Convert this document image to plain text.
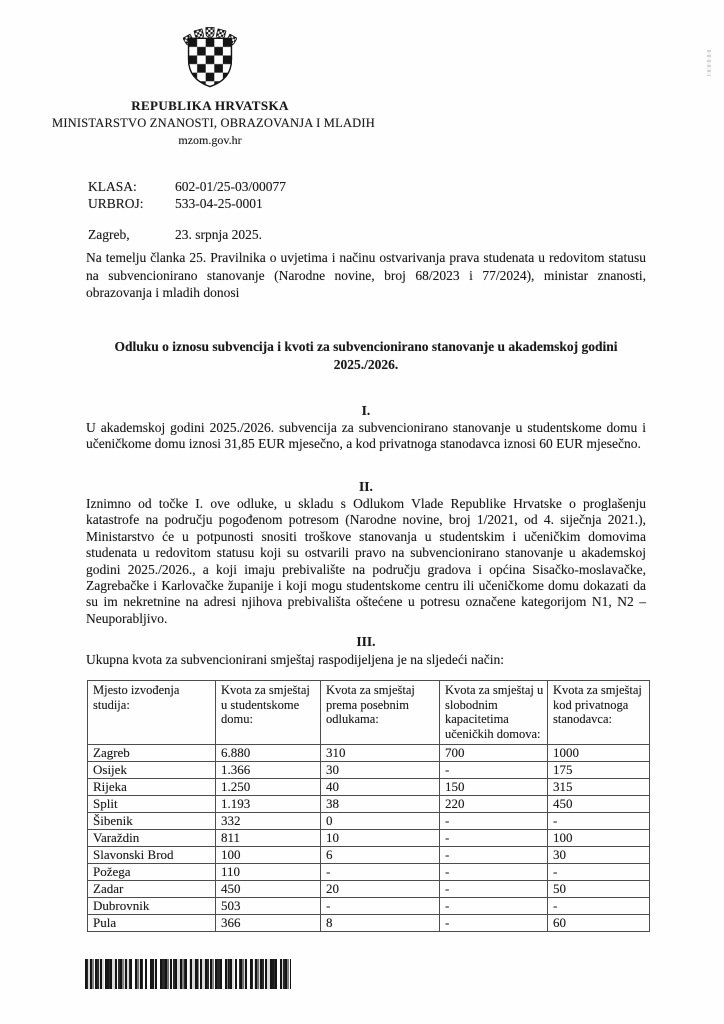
REPUBLIKA HRVATSKA
MINISTARSTVO ZNANOSTI, OBRAZOVANJA I MLADIH
mzom.gov.hr
KLASA:	602-01/25-03/00077
URBROJ:	533-04-25-0001
Zagreb,	23. srpnja 2025.

Na temelju članka 25. Pravilnika o uvjetima i načinu ostvarivanja prava studenata u redovitom statusu na subvencionirano stanovanje (Narodne novine, broj 68/2023 i 77/2024), ministar znanosti, obrazovanja i mladih donosi

Odluku o iznosu subvencija i kvoti za subvencionirano stanovanje u akademskoj godini 2025./2026.
I.

U akademskoj godini 2025./2026. subvencija za subvencionirano stanovanje u studentskome domu i učeničkome domu iznosi 31,85 EUR mjesečno, a kod privatnoga stanodavca iznosi 60 EUR mjesečno.

II.

Iznimno od točke I. ove odluke, u skladu s Odlukom Vlade Republike Hrvatske o proglašenju katastrofe na području pogođenom potresom (Narodne novine, broj 1/2021, od 4. siječnja 2021.), Ministarstvo će u potpunosti snositi troškove stanovanja u studentskim i učeničkim domovima studenata u redovitom statusu koji su ostvarili pravo na subvencionirano stanovanje u akademskoj godini 2025./2026., a koji imaju prebivalište na području gradova i općina Sisačko-moslavačke, Zagrebačke i Karlovačke županije i koji mogu studentskome centru ili učeničkome domu dokazati da su im nekretnine na adresi njihova prebivališta oštećene u potresu označene kategorijom N1, N2 – Neuporabljivo.

III.

Ukupna kvota za subvencionirani smještaj raspodijeljena je na sljedeći način:

Mjesto izvođenja studija:	Kvota za smještaj u studentskome domu:	Kvota za smještaj prema posebnim odlukama:	Kvota za smještaj u slobodnim kapacitetima učeničkih domova:	Kvota za smještaj kod privatnoga stanodavca:
Zagreb	6.880	310	700	1000
Osijek	1.366	30	-	175
Rijeka	1.250	40	150	315
Split	1.193	38	220	450
Šibenik	332	0	-	-
Varaždin	811	10	-	100
Slavonski Brod	100	6	-	30
Požega	110	-	-	-
Zadar	450	20	-	50
Dubrovnik	503	-	-	-
Pula	366	8	-	60
